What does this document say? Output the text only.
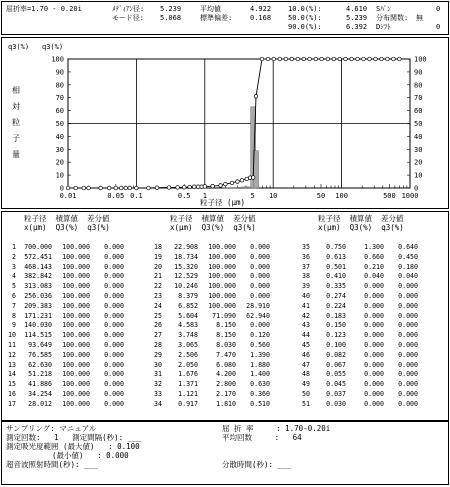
屈折率=1.70 - 0.20i	ﾒﾃﾞｨｱﾝ径: 5.239	平均値	4.922 10.0(%):	4.610 Sﾊﾟﾝ	0
モード径: 5.068	標準偏差:	0.168 50.0(%):	5.239 分布関数: 無
90.0(%):	6.392 Dｼﾌﾄ	0
q3(%) q3(%)
相
対
粒
子
量
0
10
20
30
40
50
60
70
80
90
100
0
10
20
30
40
50
60
70
80
90
100
0.01	0.05 0.1	0.5 1	5 10	50 100	500 1000
粒子径 (μm)
粒子径  積算値  差分値
x(μm)  Q3(%)  q3(%)
1	700.000	100.000	0.000
2	572.451	100.000	0.000
3	468.143	100.000	0.000
4	382.842	100.000	0.000
5	313.083	100.000	0.000
6	256.036	100.000	0.000
7	209.383	100.000	0.000
8	171.231	100.000	0.000
9	140.030	100.000	0.000
10	114.515	100.000	0.000
11	93.649	100.000	0.000
12	76.585	100.000	0.000
13	62.630	100.000	0.000
14	51.218	100.000	0.000
15	41.886	100.000	0.000
16	34.254	100.000	0.000
17	28.012	100.000	0.000
粒子径  積算値  差分値
x(μm)  Q3(%)  q3(%)
18	22.908	100.000	0.000
19	18.734	100.000	0.000
20	15.320	100.000	0.000
21	12.529	100.000	0.000
22	10.246	100.000	0.000
23	8.379	100.000	0.000
24	6.852	100.000	28.910
25	5.604	71.090	62.940
26	4.583	8.150	0.000
27	3.748	8.150	0.120
28	3.065	8.030	0.560
29	2.506	7.470	1.390
30	2.050	6.080	1.880
31	1.676	4.200	1.400
32	1.371	2.800	0.630
33	1.121	2.170	0.360
34	0.917	1.810	0.510
粒子径  積算値  差分値
x(μm)  Q3(%)  q3(%)
35	0.750	1.300	0.640
36	0.613	0.660	0.450
37	0.501	0.210	0.180
38	0.410	0.040	0.040
39	0.335	0.000	0.000
40	0.274	0.000	0.000
41	0.224	0.000	0.000
42	0.183	0.000	0.000
43	0.150	0.000	0.000
44	0.123	0.000	0.000
45	0.100	0.000	0.000
46	0.082	0.000	0.000
47	0.067	0.000	0.000
48	0.055	0.000	0.000
49	0.045	0.000	0.000
50	0.037	0.000	0.000
51	0.030	0.000	0.000
サンプリング: マニュアル
測定回数:   1   測定間隔(秒): ___
測定吸光度範囲 (最大値)   : 0.100
(最小値)   : 0.000
超音波照射時間(秒): ___
屈 折 率     : 1.70-0.20i
平均回数     :   64
分散時間(秒): ___
